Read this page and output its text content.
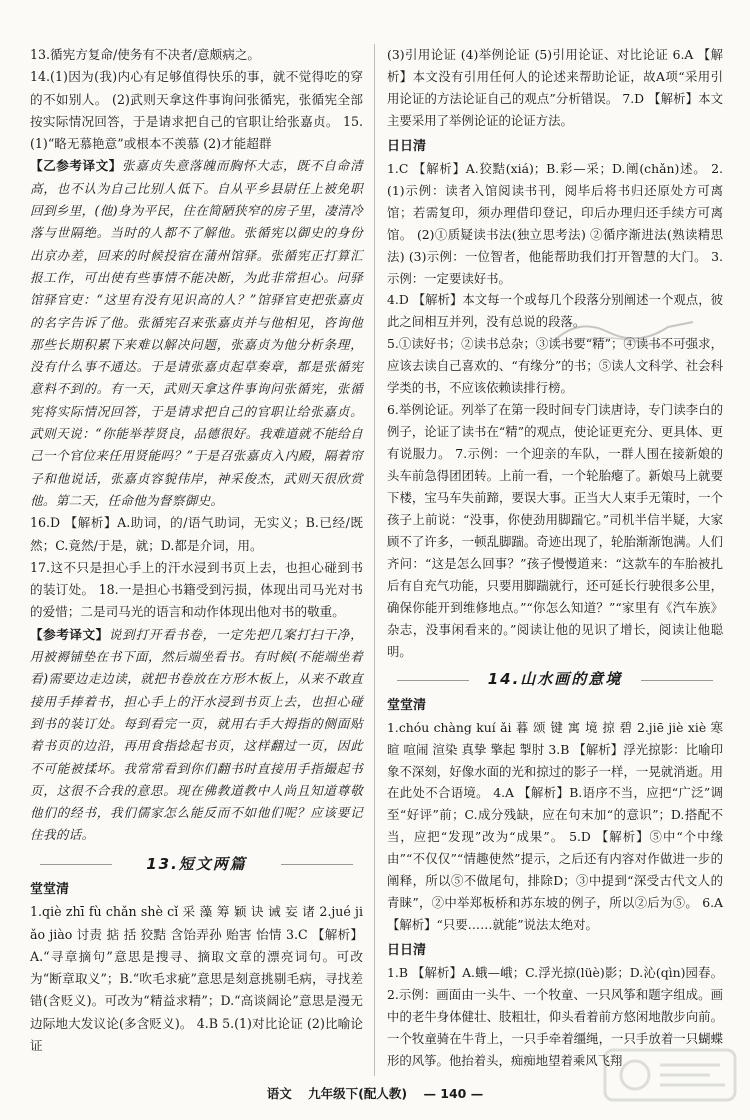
13.循宪方复命/使务有不决者/意颇病之。

14.(1)因为(我)内心有足够值得快乐的事，就不觉得吃的穿的不如别人。 (2)武则天拿这件事询问张循宪，张循宪全部按实际情况回答，于是请求把自己的官职让给张嘉贞。 15.(1)“略无慕艳意”或根本不羡慕 (2)才能超群

【乙参考译文】张嘉贞失意落魄而胸怀大志，既不自命清高，也不认为自己比别人低下。自从平乡县尉任上被免职回到乡里，(他)身为平民，住在简陋狭窄的房子里，凄清冷落与世隔绝。当时的人都不了解他。张循宪以御史的身份出京办差，回来的时候投宿在蒲州馆驿。张循宪正打算汇报工作，可出使有些事情不能决断，为此非常担心。问驿馆驿官吏：“这里有没有见识高的人？”馆驿官吏把张嘉贞的名字告诉了他。张循宪召来张嘉贞并与他相见，咨询他那些长期积累下来难以解决问题，张嘉贞为他分析条理，没有什么事不通达。于是请张嘉贞起草奏章，都是张循宪意料不到的。有一天，武则天拿这件事询问张循宪，张循宪将实际情况回答，于是请求把自己的官职让给张嘉贞。武则天说：“你能举荐贤良，品德很好。我难道就不能给自己一个官位来任用贤能吗？”于是召张嘉贞入内殿，隔着帘子和他说话，张嘉贞容貌伟岸，神采俊杰，武则天很欣赏他。第二天，任命他为督察御史。

16.D 【解析】A.助词，的/语气助词，无实义；B.已经/既然；C.竟然/于是，就；D.都是介词，用。

17.这不只是担心手上的汗水浸到书页上去，也担心碰到书的装订处。 18.一是担心书籍受到污损，体现出司马光对书的爱惜；二是司马光的语言和动作体现出他对书的敬重。

【参考译文】说到打开看书卷，一定先把几案打扫干净，用被褥铺垫在书下面，然后端坐看书。有时候(不能端坐着看)需要边走边读，就把书卷放在方形木板上，从来不敢直接用手捧着书，担心手上的汗水浸到书页上去，也担心碰到书的装订处。每到看完一页，就用右手大拇指的侧面贴着书页的边沿，再用食指捻起书页，这样翻过一页，因此不可能被揉坏。我常常看到你们翻书时直接用手指撮起书页，这很不合我的意思。现在佛教道教中人尚且知道尊敬他们的经书，我们儒家怎么能反而不如他们呢？应该要记住我的话。

13.短文两篇
堂堂清

1.qiè zhī fù chǎn shè cǐ 采 藻 筹 颖 诀 诫 妄 诸 2.jué jiǎo jiào 讨责 掂 括 狡黠 含饴弄孙 贻害 怡情 3.C 【解析】A.“寻章摘句”意思是搜寻、摘取文章的漂亮词句。可改为“断章取义”；B.“吹毛求疵”意思是刻意挑剔毛病，寻找差错(含贬义)。可改为“精益求精”；D.“高谈阔论”意思是漫无边际地大发议论(多含贬义)。 4.B 5.(1)对比论证 (2)比喻论证

(3)引用论证 (4)举例论证 (5)引用论证、对比论证 6.A 【解析】本文没有引用任何人的论述来帮助论证，故A项“采用引用论证的方法论证自己的观点”分析错误。 7.D 【解析】本文主要采用了举例论证的论证方法。

日日清

1.C 【解析】A.狡黠(xiá)；B.彩—采；D.阐(chǎn)述。 2.(1)示例：读者入馆阅读书刊，阅毕后将书归还原处方可离馆；若需复印，须办理借印登记，印后办理归还手续方可离馆。 (2)①质疑读书法(独立思考法) ②循序渐进法(熟读精思法) (3)示例：一位智者，他能帮助我们打开智慧的大门。 3.示例：一定要读好书。

4.D 【解析】本文每一个或每几个段落分别阐述一个观点，彼此之间相互并列，没有总说的段落。

5.①读好书；②读书总杂；③读书要“精”；④读书不可强求，应该去读自己喜欢的、“有缘分”的书；⑤读人文科学、社会科学类的书，不应该依赖读排行榜。

6.举例论证。列举了在第一段时间专门读唐诗，专门读李白的例子，论证了读书在“精”的观点，使论证更充分、更具体、更有说服力。 7.示例：一个迎亲的车队，一群人围在接新娘的头车前急得团团转。上前一看，一个轮胎瘪了。新娘马上就要下楼，宝马车失前蹄，要误大事。正当大人束手无策时，一个孩子上前说：“没事，你使劲用脚踹它。”司机半信半疑，大家顾不了许多，一顿乱脚踹。奇迹出现了，轮胎渐渐饱满。人们齐问：“这是怎么回事？”孩子慢慢道来：“这款车的车胎被扎后有自充气功能，只要用脚踹就行，还可延长行驶很多公里，确保你能开到维修地点。”“你怎么知道？”“家里有《汽车族》杂志，没事闲看来的。”阅读让他的见识了增长，阅读让他聪明。

14.山水画的意境
堂堂清

1.chóu chàng kuí ǎi 暮 颂 键 寓 境 掠 碧 2.jiē jiè xiè 寒暄 喧闹 渲染 真挚 擎起 掣肘 3.B 【解析】浮光掠影：比喻印象不深刻，好像水面的光和掠过的影子一样，一晃就消逝。用在此处不合语境。 4.A 【解析】B.语序不当，应把“广泛”调至“好评”前；C.成分残缺，应在句末加“的意识”；D.搭配不当，应把“发现”改为“成果”。 5.D 【解析】⑤中“个中缘由”“不仅仅”“情趣使然”提示，之后还有内容对作做进一步的阐释，所以⑤不做尾句，排除D；③中提到“深受古代文人的青睐”，②中举郑板桥和苏东坡的例子，所以②后为⑤。 6.A 【解析】“只要……就能”说法太绝对。

日日清

1.B 【解析】A.蛾—峨；C.浮光掠(lüè)影；D.沁(qìn)园春。 2.示例：画面由一头牛、一个牧童、一只风筝和题字组成。画中的老牛身体健壮、肢粗壮，仰头看着前方悠闲地散步向前。一个牧童骑在牛背上，一只手牵着缰绳，一只手放着一只蝴蝶形的风筝。他抬着头，痴痴地望着乘风飞翔

语文 九年级下(配人教) — 140 —
